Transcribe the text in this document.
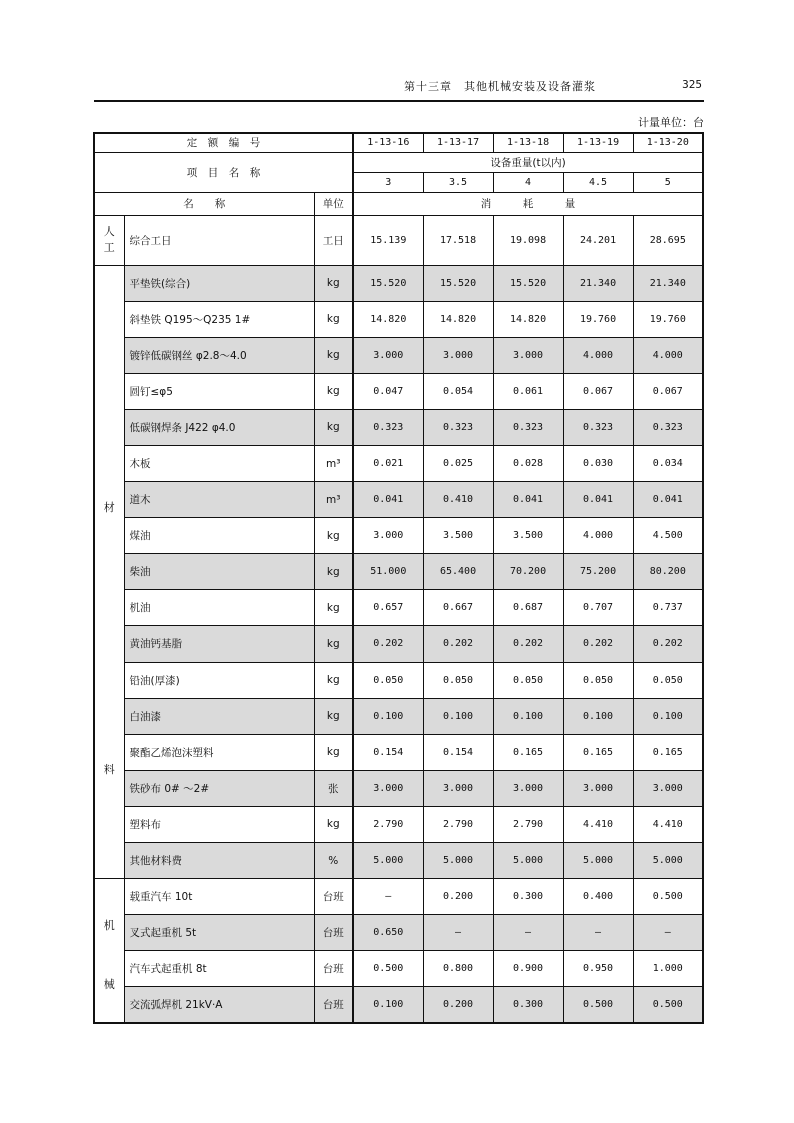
第十三章　其他机械安装及设备灌浆	325
计量单位：台
定　额　编　号			1-13-16	1-13-17	1-13-18	1-13-19	1-13-20
项　目　名　称			设备重量(t以内)				
			3	3.5	4	4.5	5
名　　称		单位	消　　　耗　　　量				
人工	综合工日	工日	15.139	17.518	19.098	24.201	28.695

材
料	平垫铁(综合)	kg	15.520	15.520	15.520	21.340	21.340
	斜垫铁 Q195～Q235 1#	kg	14.820	14.820	14.820	19.760	19.760
	镀锌低碳钢丝 φ2.8～4.0	kg	3.000	3.000	3.000	4.000	4.000
	圆钉≤φ5	kg	0.047	0.054	0.061	0.067	0.067
	低碳钢焊条 J422 φ4.0	kg	0.323	0.323	0.323	0.323	0.323
	木板	m³	0.021	0.025	0.028	0.030	0.034
	道木	m³	0.041	0.410	0.041	0.041	0.041
	煤油	kg	3.000	3.500	3.500	4.000	4.500
	柴油	kg	51.000	65.400	70.200	75.200	80.200
	机油	kg	0.657	0.667	0.687	0.707	0.737
	黄油钙基脂	kg	0.202	0.202	0.202	0.202	0.202
	铅油(厚漆)	kg	0.050	0.050	0.050	0.050	0.050
	白油漆	kg	0.100	0.100	0.100	0.100	0.100
	聚酯乙烯泡沫塑料	kg	0.154	0.154	0.165	0.165	0.165
	铁砂布 0# ～2#	张	3.000	3.000	3.000	3.000	3.000
	塑料布	kg	2.790	2.790	2.790	4.410	4.410
	其他材料费	%	5.000	5.000	5.000	5.000	5.000

机
械	载重汽车 10t	台班	—	0.200	0.300	0.400	0.500
	叉式起重机 5t	台班	0.650	—	—	—	—
	汽车式起重机 8t	台班	0.500	0.800	0.900	0.950	1.000
	交流弧焊机 21kV·A	台班	0.100	0.200	0.300	0.500	0.500
